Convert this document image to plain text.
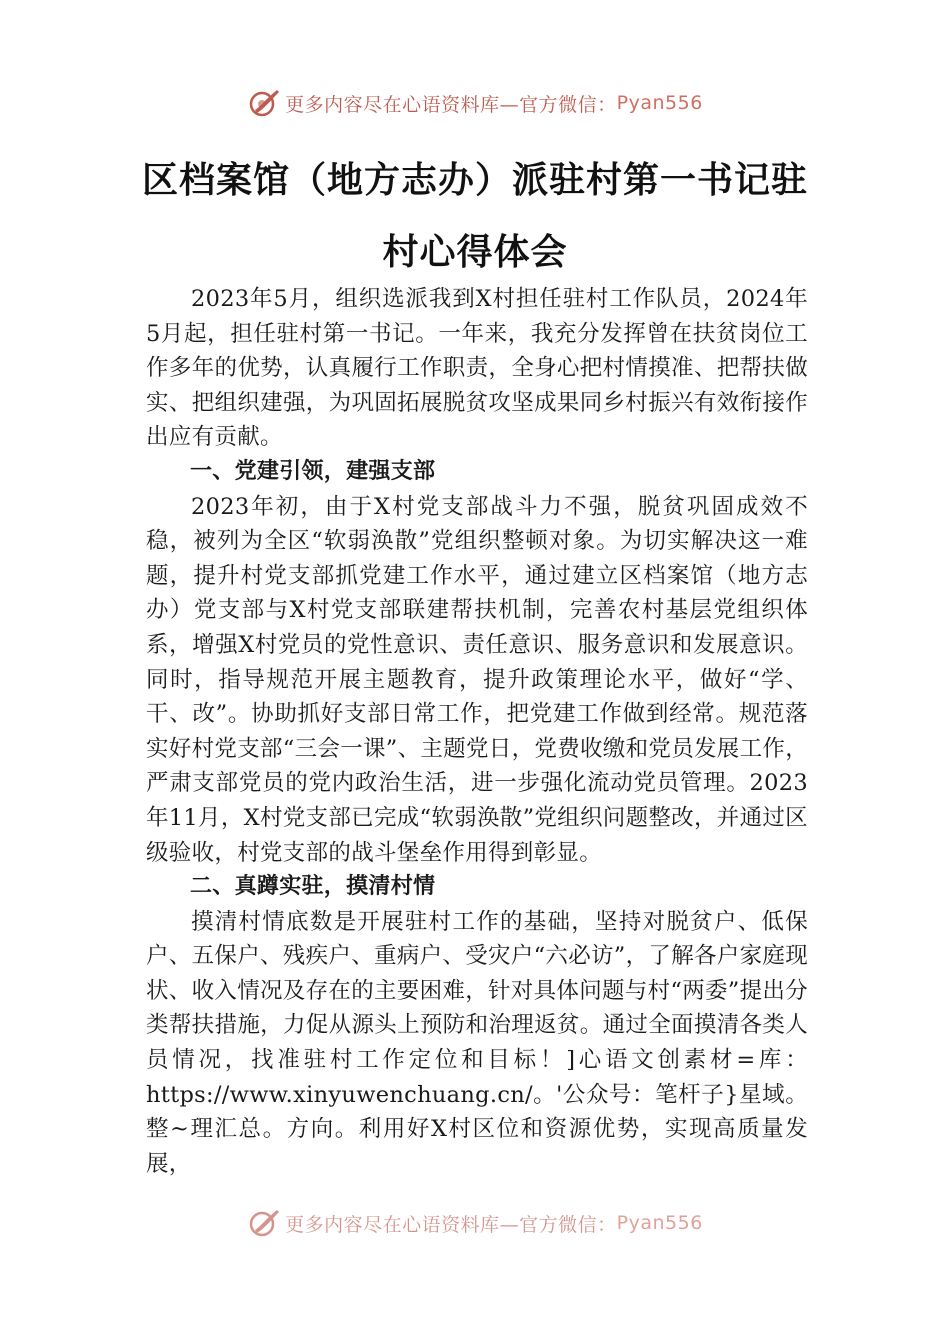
更多内容尽在心语资料库—官方微信： Pyan556
区档案馆（地方志办）派驻村第一书记驻
村心得体会

2023年5月，组织选派我到X村担任驻村工作队员，2024年5月起，担任驻村第一书记。一年来，我充分发挥曾在扶贫岗位工作多年的优势，认真履行工作职责，全身心把村情摸准、把帮扶做实、把组织建强，为巩固拓展脱贫攻坚成果同乡村振兴有效衔接作出应有贡献。

一、党建引领，建强支部

2023年初，由于X村党支部战斗力不强，脱贫巩固成效不稳，被列为全区“软弱涣散”党组织整顿对象。为切实解决这一难题，提升村党支部抓党建工作水平，通过建立区档案馆（地方志办）党支部与X村党支部联建帮扶机制，完善农村基层党组织体系，增强X村党员的党性意识、责任意识、服务意识和发展意识。同时，指导规范开展主题教育，提升政策理论水平，做好“学、干、改”。协助抓好支部日常工作，把党建工作做到经常。规范落实好村党支部“三会一课”、主题党日，党费收缴和党员发展工作，严肃支部党员的党内政治生活，进一步强化流动党员管理。2023年11月，X村党支部已完成“软弱涣散”党组织问题整改，并通过区级验收，村党支部的战斗堡垒作用得到彰显。

二、真蹲实驻，摸清村情

摸清村情底数是开展驻村工作的基础，坚持对脱贫户、低保户、五保户、残疾户、重病户、受灾户“六必访”，了解各户家庭现状、收入情况及存在的主要困难，针对具体问题与村“两委”提出分类帮扶措施，力促从源头上预防和治理返贫。通过全面摸清各类人员情况，找准驻村工作定位和目标！]心语文创素材=库：https://www.xinyuwenchuang.cn/。'公众号：笔杆子}星域。整~理汇总。方向。利用好X村区位和资源优势，实现高质量发展，

更多内容尽在心语资料库—官方微信： Pyan556
